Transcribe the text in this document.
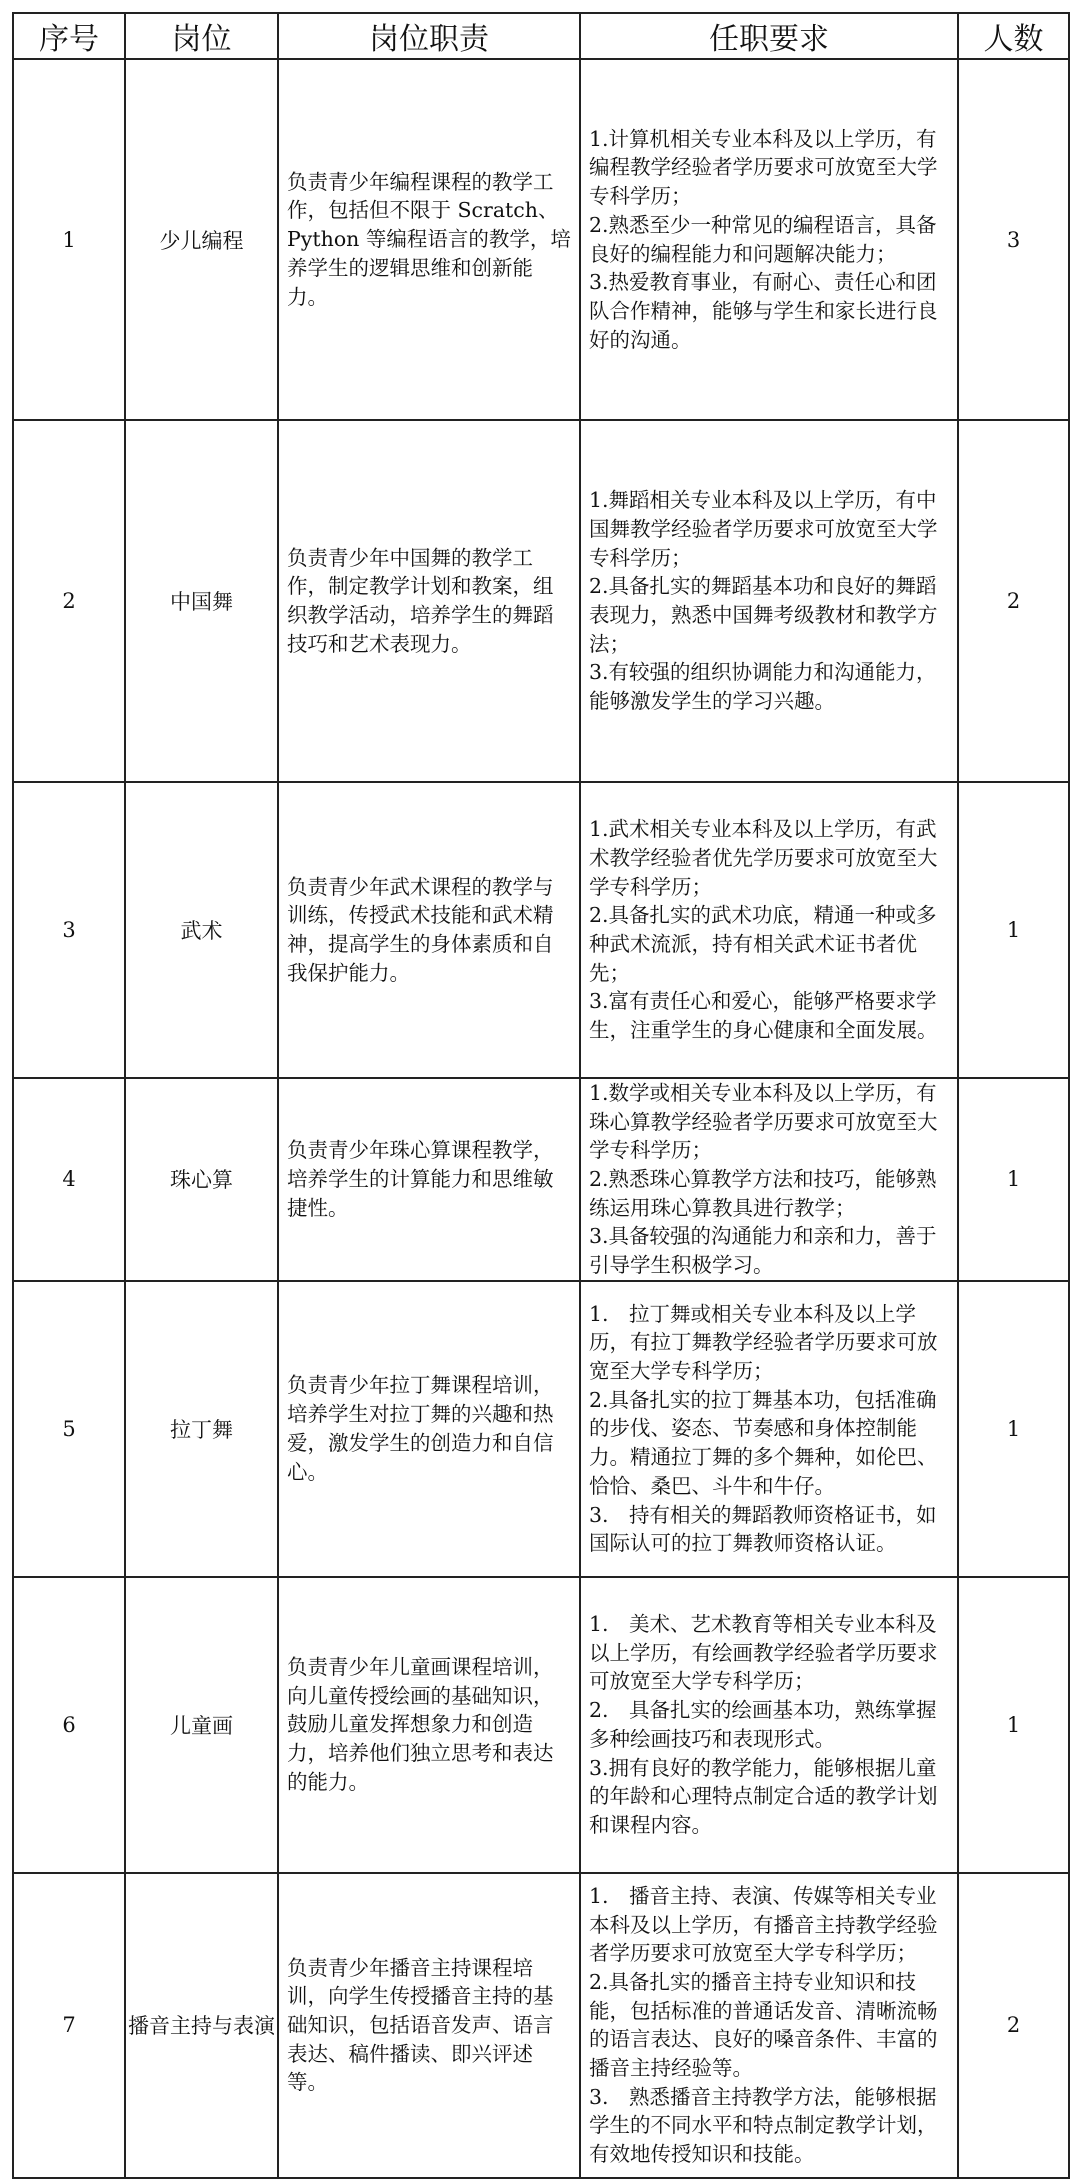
序号	岗位	岗位职责	任职要求	人数
1	少儿编程	负责青少年编程课程的教学工作，包括但不限于 Scratch、Python 等编程语言的教学，培养学生的逻辑思维和创新能力。	1.计算机相关专业本科及以上学历，有编程教学经验者学历要求可放宽至大学专科学历；
2.熟悉至少一种常见的编程语言，具备良好的编程能力和问题解决能力；
3.热爱教育事业，有耐心、责任心和团队合作精神，能够与学生和家长进行良好的沟通。	3
2	中国舞	负责青少年中国舞的教学工作，制定教学计划和教案，组织教学活动，培养学生的舞蹈技巧和艺术表现力。	1.舞蹈相关专业本科及以上学历，有中国舞教学经验者学历要求可放宽至大学专科学历；
2.具备扎实的舞蹈基本功和良好的舞蹈表现力，熟悉中国舞考级教材和教学方法；
3.有较强的组织协调能力和沟通能力，能够激发学生的学习兴趣。	2
3	武术	负责青少年武术课程的教学与训练，传授武术技能和武术精神，提高学生的身体素质和自我保护能力。	1.武术相关专业本科及以上学历，有武术教学经验者优先学历要求可放宽至大学专科学历；
2.具备扎实的武术功底，精通一种或多种武术流派，持有相关武术证书者优先；
3.富有责任心和爱心，能够严格要求学生，注重学生的身心健康和全面发展。	1
4	珠心算	负责青少年珠心算课程教学，培养学生的计算能力和思维敏捷性。	1.数学或相关专业本科及以上学历，有珠心算教学经验者学历要求可放宽至大学专科学历；
2.熟悉珠心算教学方法和技巧，能够熟练运用珠心算教具进行教学；
3.具备较强的沟通能力和亲和力，善于引导学生积极学习。	1
5	拉丁舞	负责青少年拉丁舞课程培训，培养学生对拉丁舞的兴趣和热爱，激发学生的创造力和自信心。	1.　拉丁舞或相关专业本科及以上学历，有拉丁舞教学经验者学历要求可放宽至大学专科学历；
2.具备扎实的拉丁舞基本功，包括准确的步伐、姿态、节奏感和身体控制能力。精通拉丁舞的多个舞种，如伦巴、恰恰、桑巴、斗牛和牛仔。
3.　持有相关的舞蹈教师资格证书，如国际认可的拉丁舞教师资格认证。	1
6	儿童画	负责青少年儿童画课程培训，向儿童传授绘画的基础知识，鼓励儿童发挥想象力和创造力，培养他们独立思考和表达的能力。	1.　美术、艺术教育等相关专业本科及以上学历，有绘画教学经验者学历要求可放宽至大学专科学历；
2.　具备扎实的绘画基本功，熟练掌握多种绘画技巧和表现形式。
3.拥有良好的教学能力，能够根据儿童的年龄和心理特点制定合适的教学计划和课程内容。	1
7	播音主持与表演	负责青少年播音主持课程培训，向学生传授播音主持的基础知识，包括语音发声、语言表达、稿件播读、即兴评述等。	1.　播音主持、表演、传媒等相关专业本科及以上学历，有播音主持教学经验者学历要求可放宽至大学专科学历；
2.具备扎实的播音主持专业知识和技能，包括标准的普通话发音、清晰流畅的语言表达、良好的嗓音条件、丰富的播音主持经验等。
3.　熟悉播音主持教学方法，能够根据学生的不同水平和特点制定教学计划，有效地传授知识和技能。	2
